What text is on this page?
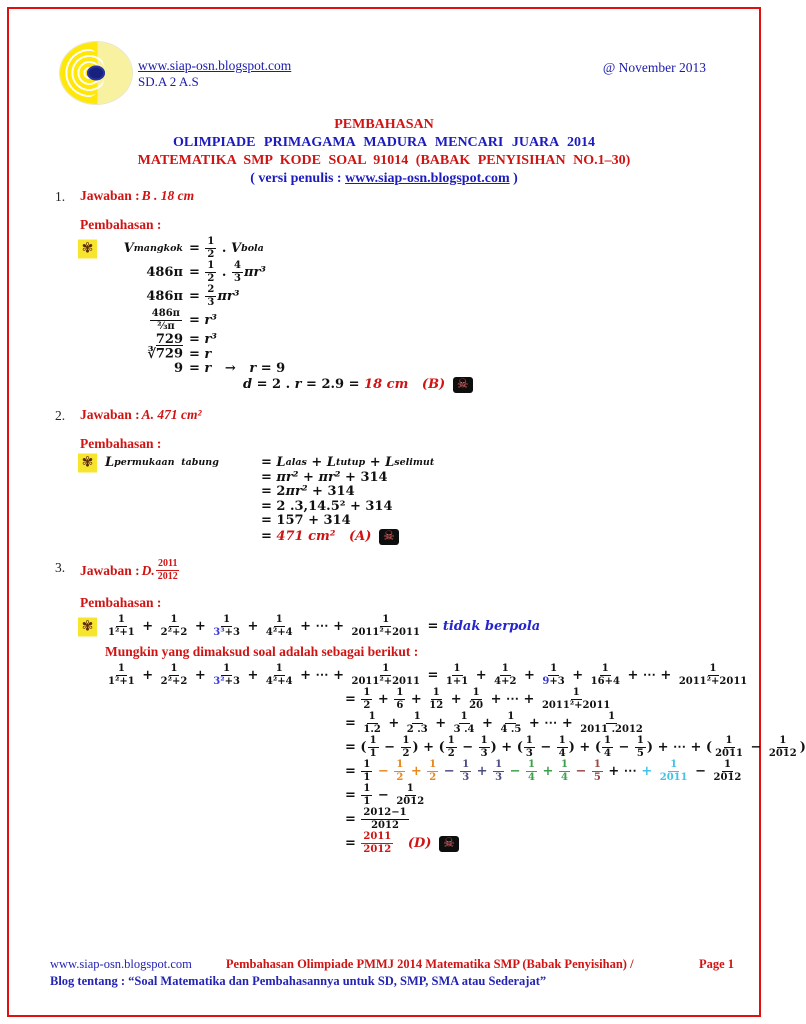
www.siap-osn.blogspot.com
SD.A 2 A.S
@ November 2013
PEMBAHASAN
OLIMPIADE PRIMAGAMA MADURA MENCARI JUARA 2014
MATEMATIKA SMP KODE SOAL 91014 (BABAK PENYISIHAN NO.1–30)
( versi penulis : www.siap-osn.blogspot.com )
1. Jawaban : B . 18 cm
Pembahasan :
✾ V mangkok = $\frac{1}{2}$ . V bola
$486\pi = \frac{1}{2}$ . $\frac{4}{3} \pi r^3$
$486\pi = \frac{2}{3} \pi r^3$
$\frac{486\pi}{\text{⅔π}} = r^3$
729 = r³
∛729 = r
9 = r → r = 9
d = 2 . r = 2.9 = 18 cm
(B) ☠
2. Jawaban : A. 471 cm²
Pembahasan :
✾ L permukaan  tabung	= L alas + L tutup + L selimut
= πr² + πr² + 314
= 2 πr² + 314
= 2 .3,14.5² + 314
= 157 + 314
= 471 cm²
(A) ☠
3. Jawaban : D. $\frac{2011}{2012}$
Pembahasan :
✾	$\frac{1}{\text{1²+1}} + \frac{1}{\text{2²+2}} + \frac{1}{\text{3³+3}} + \frac{1}{\text{4²+4}}$ + ⋯ + $\frac{1}{\text{2011²+2011}}$ = tidak berpola
Mungkin yang dimaksud soal adalah sebagai berikut :
$\frac{1}{\text{1²+1}} + \frac{1}{\text{2²+2}} + \frac{1}{\text{3²+3}} + \frac{1}{\text{4²+4}}$ + ⋯ + $\frac{1}{\text{2011²+2011}} = \frac{1}{1+1} + \frac{1}{4+2} + \frac{1}{9+3} + \frac{1}{16+4}$ + ⋯ + $\frac{1}{\text{2011²+2011}}$
= $\frac{1}{2} + \frac{1}{6} + \frac{1}{12} + \frac{1}{20}$ + ⋯ + $\frac{1}{\text{2011²+2011}}$
= $\frac{1}{1.2} + \frac{1}{2 .3} + \frac{1}{3 .4} + \frac{1}{4 .5}$ + ⋯ + $\frac{1}{2011 .2012}$
= ( $\frac{1}{1} - \frac{1}{2}$ ) + ( $\frac{1}{2} - \frac{1}{3}$ ) + ( $\frac{1}{3} - \frac{1}{4}$ ) + ( $\frac{1}{4} - \frac{1}{5}$ ) + ⋯ + ( $\frac{1}{2011} - \frac{1}{2012}$ )
= $\frac{1}{1} - \frac{1}{2} + \frac{1}{2} - \frac{1}{3} + \frac{1}{3} - \frac{1}{4} + \frac{1}{4} - \frac{1}{5}$ + ⋯ + $\frac{1}{2011} - \frac{1}{2012}$
= $\frac{1}{1} - \frac{1}{2012}$
= $\frac{2012-1}{2012}$
= $\frac{2011}{2012}$
(D) ☠
www.siap-osn.blogspot.com	Pembahasan Olimpiade PMMJ 2014 Matematika SMP (Babak Penyisihan) /	Page 1
Blog tentang : “Soal Matematika dan Pembahasannya untuk SD, SMP, SMA atau Sederajat”
